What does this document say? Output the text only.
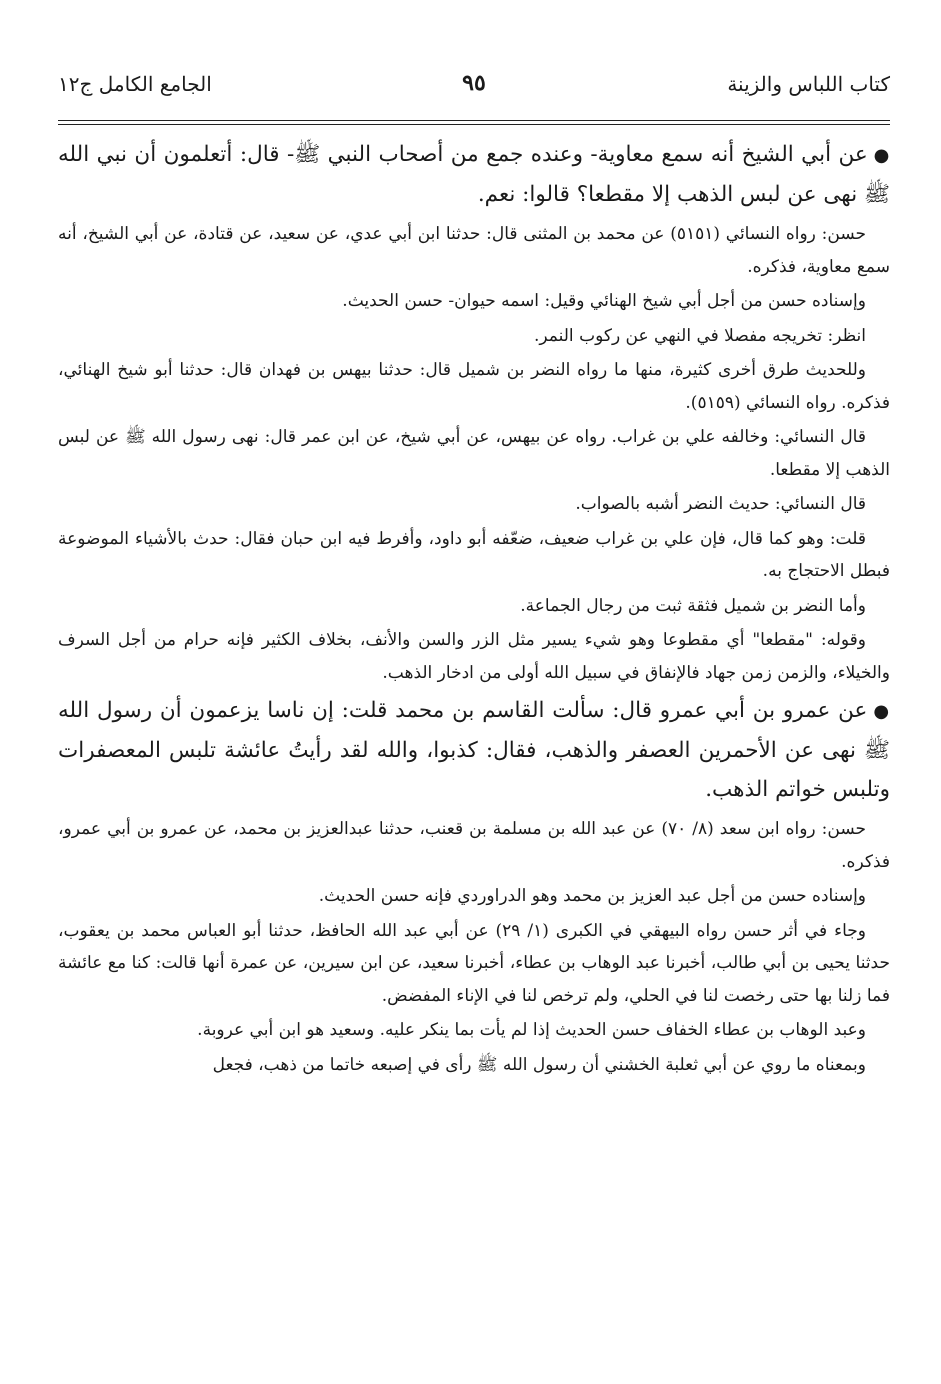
كتاب اللباس والزينة
٩٥
الجامع الكامل ج١٢

●عن أبي الشيخ أنه سمع معاوية- وعنده جمع من أصحاب النبي ﷺ- قال: أتعلمون أن نبي الله ﷺ نهى عن لبس الذهب إلا مقطعا؟ قالوا: نعم.

حسن: رواه النسائي (٥١٥١) عن محمد بن المثنى قال: حدثنا ابن أبي عدي، عن سعيد، عن قتادة، عن أبي الشيخ، أنه سمع معاوية، فذكره.

وإسناده حسن من أجل أبي شيخ الهنائي وقيل: اسمه حيوان- حسن الحديث.

انظر: تخريجه مفصلا في النهي عن ركوب النمر.

وللحديث طرق أخرى كثيرة، منها ما رواه النضر بن شميل قال: حدثنا بيهس بن فهدان قال: حدثنا أبو شيخ الهنائي، فذكره. رواه النسائي (٥١٥٩).

قال النسائي: وخالفه علي بن غراب. رواه عن بيهس، عن أبي شيخ، عن ابن عمر قال: نهى رسول الله ﷺ عن لبس الذهب إلا مقطعا.

قال النسائي: حديث النضر أشبه بالصواب.

قلت: وهو كما قال، فإن علي بن غراب ضعيف، ضعّفه أبو داود، وأفرط فيه ابن حبان فقال: حدث بالأشياء الموضوعة فبطل الاحتجاج به.

وأما النضر بن شميل فثقة ثبت من رجال الجماعة.

وقوله: "مقطعا" أي مقطوعا وهو شيء يسير مثل الزر والسن والأنف، بخلاف الكثير فإنه حرام من أجل السرف والخيلاء، والزمن زمن جهاد فالإنفاق في سبيل الله أولى من ادخار الذهب.

●عن عمرو بن أبي عمرو قال: سألت القاسم بن محمد قلت: إن ناسا يزعمون أن رسول الله ﷺ نهى عن الأحمرين العصفر والذهب، فقال: كذبوا، والله لقد رأيتُ عائشة تلبس المعصفرات وتلبس خواتم الذهب.

حسن: رواه ابن سعد (٨/ ٧٠) عن عبد الله بن مسلمة بن قعنب، حدثنا عبدالعزيز بن محمد، عن عمرو بن أبي عمرو، فذكره.

وإسناده حسن من أجل عبد العزيز بن محمد وهو الدراوردي فإنه حسن الحديث.

وجاء في أثر حسن رواه البيهقي في الكبرى (١/ ٢٩) عن أبي عبد الله الحافظ، حدثنا أبو العباس محمد بن يعقوب، حدثنا يحيى بن أبي طالب، أخبرنا عبد الوهاب بن عطاء، أخبرنا سعيد، عن ابن سيرين، عن عمرة أنها قالت: كنا مع عائشة فما زلنا بها حتى رخصت لنا في الحلي، ولم ترخص لنا في الإناء المفضض.

وعبد الوهاب بن عطاء الخفاف حسن الحديث إذا لم يأت بما ينكر عليه. وسعيد هو ابن أبي عروبة.

وبمعناه ما روي عن أبي ثعلبة الخشني أن رسول الله ﷺ رأى في إصبعه خاتما من ذهب، فجعل
